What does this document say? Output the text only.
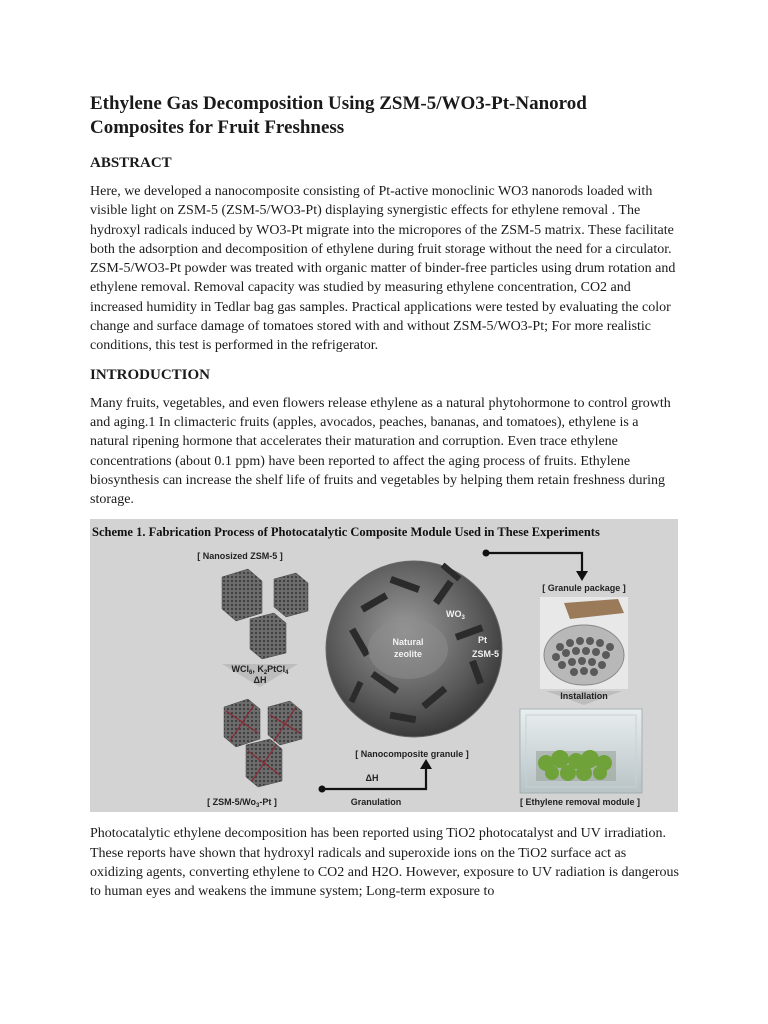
Ethylene Gas Decomposition Using ZSM-5/WO3-Pt-Nanorod Composites for Fruit Freshness
ABSTRACT

Here, we developed a nanocomposite consisting of Pt-active monoclinic WO3 nanorods loaded with visible light on ZSM-5 (ZSM-5/WO3-Pt) displaying synergistic effects for ethylene removal . The hydroxyl radicals induced by WO3-Pt migrate into the micropores of the ZSM-5 matrix. These facilitate both the adsorption and decomposition of ethylene during fruit storage without the need for a circulator. ZSM-5/WO3-Pt powder was treated with organic matter of binder-free particles using drum rotation and ethylene removal. Removal capacity was studied by measuring ethylene concentration, CO2 and increased humidity in Tedlar bag gas samples. Practical applications were tested by evaluating the color change and surface damage of tomatoes stored with and without ZSM-5/WO3-Pt; For more realistic conditions, this test is performed in the refrigerator.

INTRODUCTION

Many fruits, vegetables, and even flowers release ethylene as a natural phytohormone to control growth and aging.1 In climacteric fruits (apples, avocados, peaches, bananas, and tomatoes), ethylene is a natural ripening hormone that accelerates their maturation and corruption. Even trace ethylene concentrations (about 0.1 ppm) have been reported to affect the aging process of fruits. Ethylene biosynthesis can increase the shelf life of fruits and vegetables by helping them retain freshness during storage.

Scheme 1. Fabrication Process of Photocatalytic Composite Module Used in These Experiments
[ Nanosized ZSM-5 ]
WCl$_6$, $K_2PtCl_4$
ΔH
[ ZSM-$5/Wo_3-Pt$ ]
Natural
zeolite
$WO_3$
Pt
ZSM-5
[ Nanocomposite granule ]
ΔH
Granulation
[ Granule package ]
Installation
[ Ethylene removal module ]

Photocatalytic ethylene decomposition has been reported using TiO2 photocatalyst and UV irradiation. These reports have shown that hydroxyl radicals and superoxide ions on the TiO2 surface act as oxidizing agents, converting ethylene to CO2 and H2O. However, exposure to UV radiation is dangerous to human eyes and weakens the immune system; Long-term exposure to
